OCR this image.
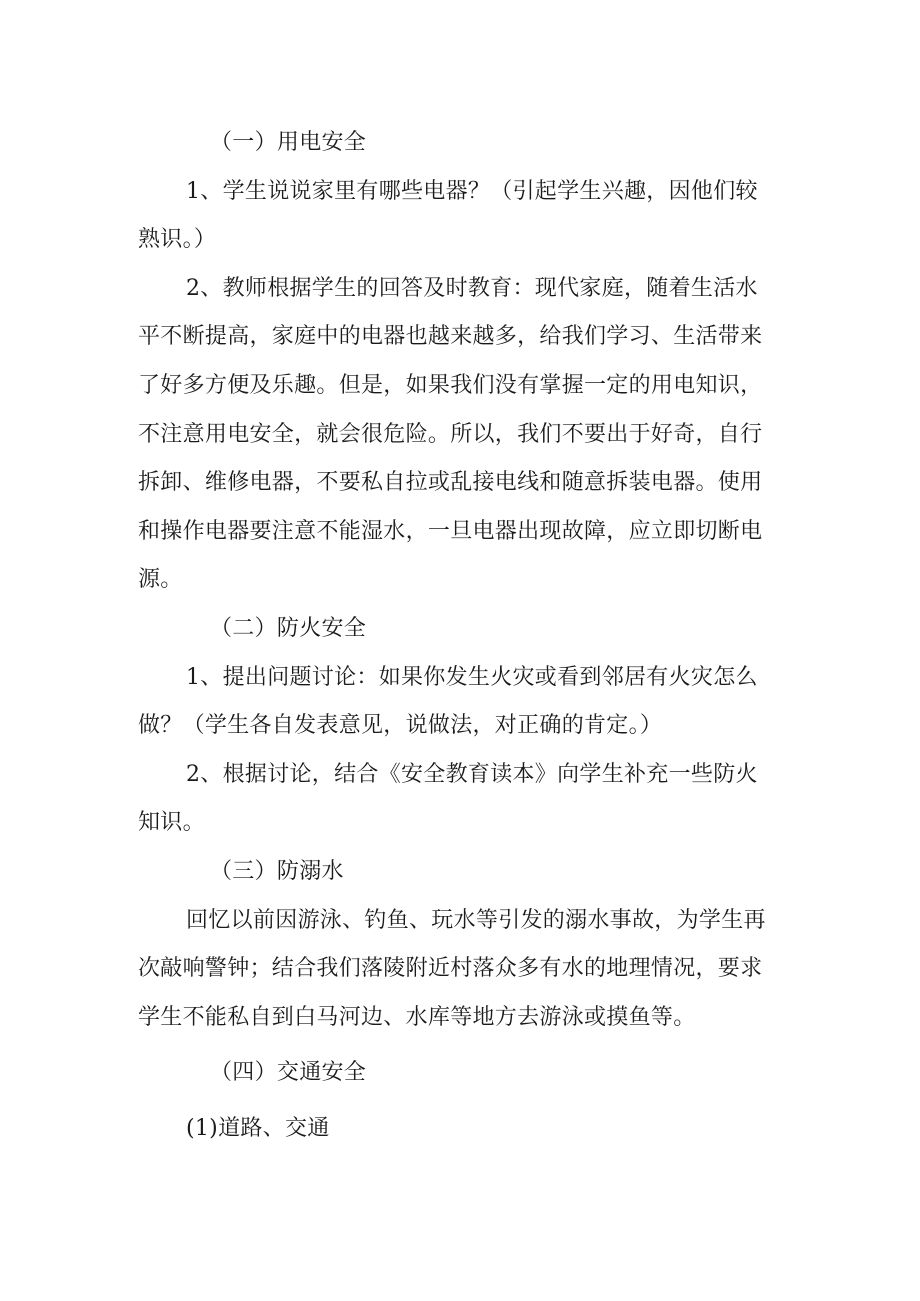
（一）用电安全
1、学生说说家里有哪些电器？（引起学生兴趣，因他们较
熟识。）
2、教师根据学生的回答及时教育：现代家庭，随着生活水
平不断提高，家庭中的电器也越来越多，给我们学习、生活带来
了好多方便及乐趣。但是，如果我们没有掌握一定的用电知识，
不注意用电安全，就会很危险。所以，我们不要出于好奇，自行
拆卸、维修电器，不要私自拉或乱接电线和随意拆装电器。使用
和操作电器要注意不能湿水，一旦电器出现故障，应立即切断电
源。
（二）防火安全
1、提出问题讨论：如果你发生火灾或看到邻居有火灾怎么
做？（学生各自发表意见，说做法，对正确的肯定。）
2、根据讨论，结合《安全教育读本》向学生补充一些防火
知识。
（三）防溺水
回忆以前因游泳、钓鱼、玩水等引发的溺水事故，为学生再
次敲响警钟；结合我们落陵附近村落众多有水的地理情况，要求
学生不能私自到白马河边、水库等地方去游泳或摸鱼等。
（四）交通安全
(1)道路、交通
